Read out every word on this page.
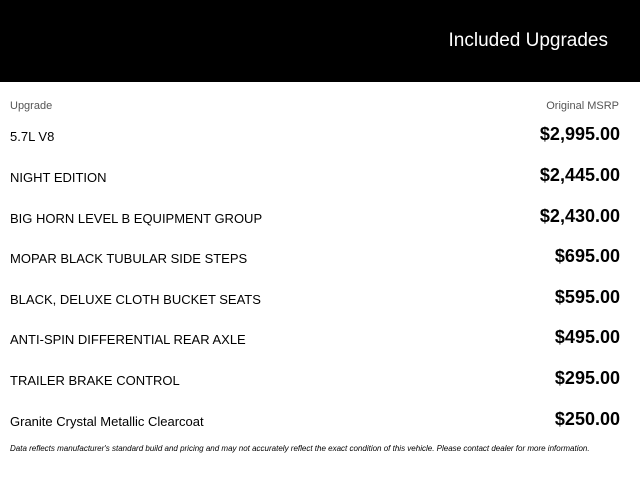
Included Upgrades
Upgrade	Original MSRP
5.7L V8	$2,995.00
NIGHT EDITION	$2,445.00
BIG HORN LEVEL B EQUIPMENT GROUP	$2,430.00
MOPAR BLACK TUBULAR SIDE STEPS	$695.00
BLACK, DELUXE CLOTH BUCKET SEATS	$595.00
ANTI-SPIN DIFFERENTIAL REAR AXLE	$495.00
TRAILER BRAKE CONTROL	$295.00
Granite Crystal Metallic Clearcoat	$250.00
Data reflects manufacturer's standard build and pricing and may not accurately reflect the exact condition of this vehicle. Please contact dealer for more information.
